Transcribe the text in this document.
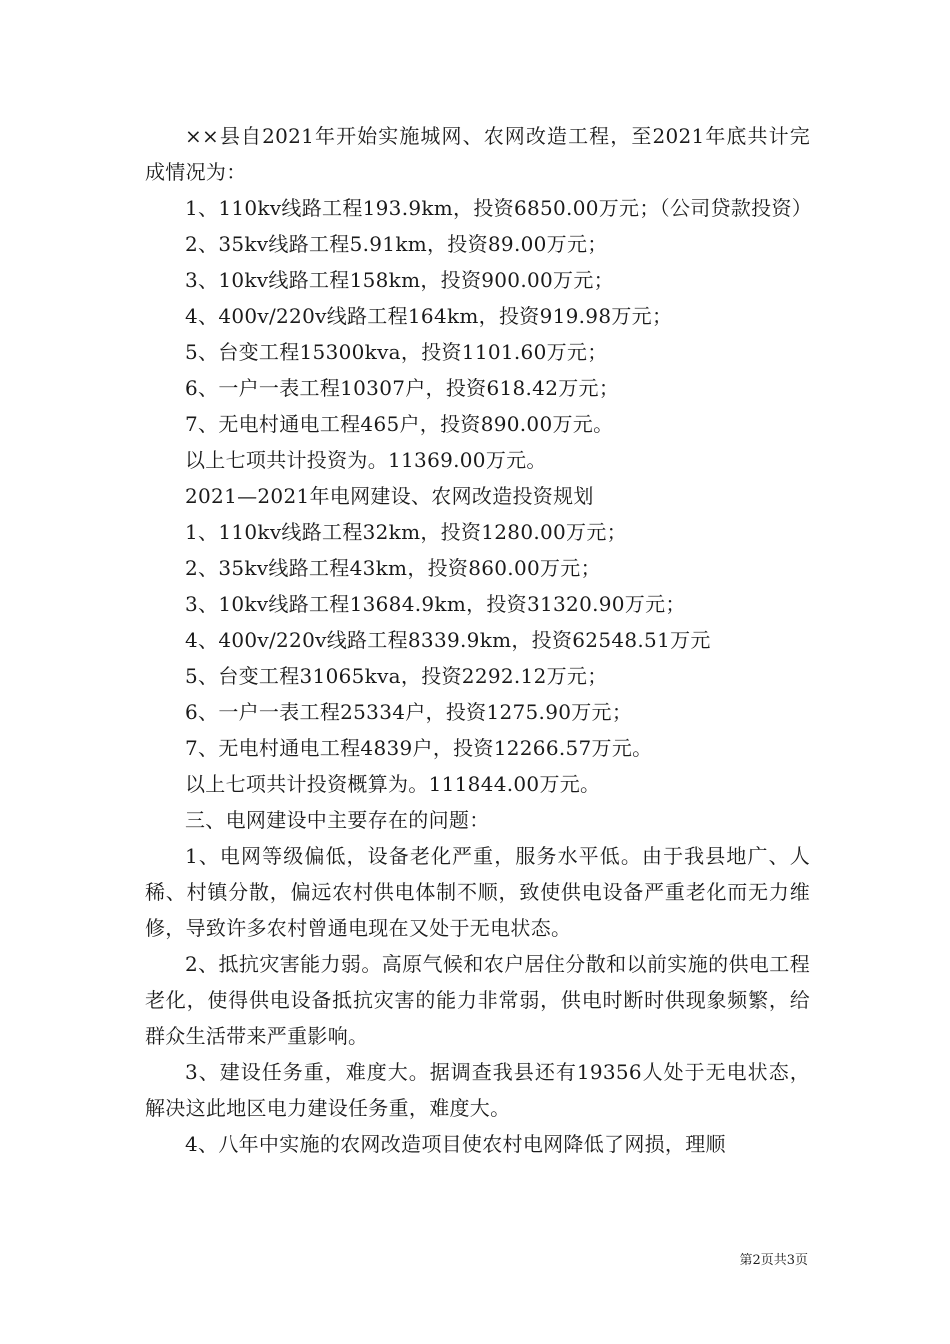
××县自2021年开始实施城网、农网改造工程，至2021年底共计完成情况为：

1、110kv线路工程193.9km，投资6850.00万元；（公司贷款投资）

2、35kv线路工程5.91km，投资89.00万元；

3、10kv线路工程158km，投资900.00万元；

4、400v/220v线路工程164km，投资919.98万元；

5、台变工程15300kva，投资1101.60万元；

6、一户一表工程10307户，投资618.42万元；

7、无电村通电工程465户，投资890.00万元。

以上七项共计投资为。11369.00万元。

2021—2021年电网建设、农网改造投资规划

1、110kv线路工程32km，投资1280.00万元；

2、35kv线路工程43km，投资860.00万元；

3、10kv线路工程13684.9km，投资31320.90万元；

4、400v/220v线路工程8339.9km，投资62548.51万元

5、台变工程31065kva，投资2292.12万元；

6、一户一表工程25334户，投资1275.90万元；

7、无电村通电工程4839户，投资12266.57万元。

以上七项共计投资概算为。111844.00万元。

三、电网建设中主要存在的问题：

1、电网等级偏低，设备老化严重，服务水平低。由于我县地广、人稀、村镇分散，偏远农村供电体制不顺，致使供电设备严重老化而无力维修，导致许多农村曾通电现在又处于无电状态。

2、抵抗灾害能力弱。高原气候和农户居住分散和以前实施的供电工程老化，使得供电设备抵抗灾害的能力非常弱，供电时断时供现象频繁，给群众生活带来严重影响。

3、建设任务重，难度大。据调查我县还有19356人处于无电状态，解决这此地区电力建设任务重，难度大。

4、八年中实施的农网改造项目使农村电网降低了网损，理顺

第2页共3页
